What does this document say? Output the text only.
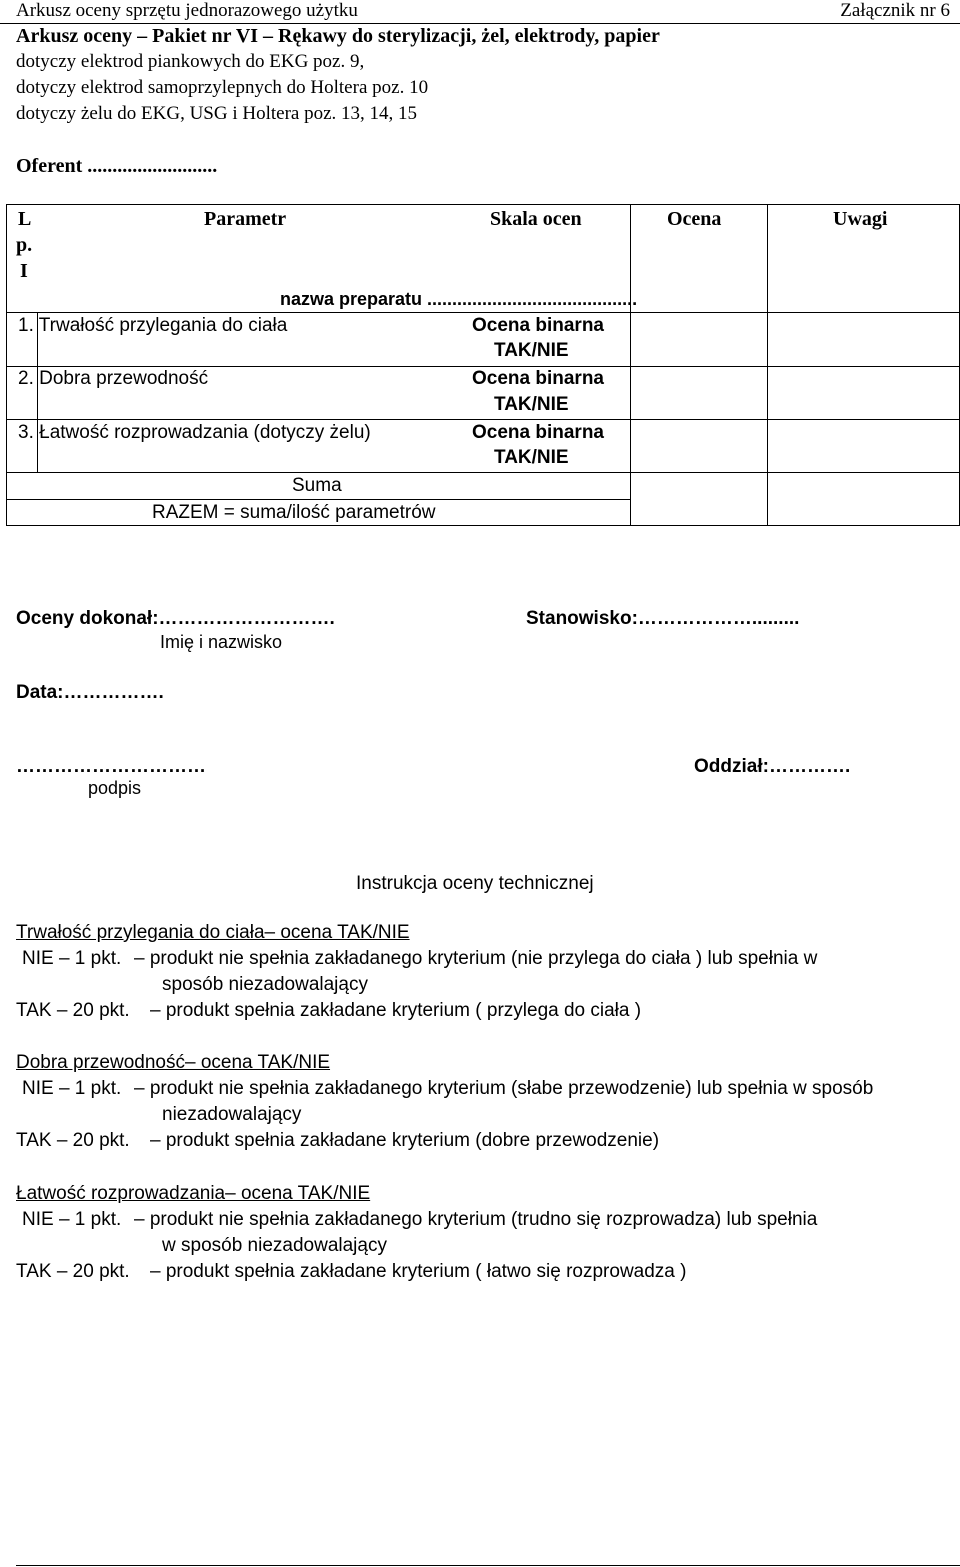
Arkusz oceny sprzętu jednorazowego użytku	Załącznik nr 6
Arkusz oceny – Pakiet nr VI – Rękawy do sterylizacji, żel, elektrody, papier
dotyczy elektrod piankowych do EKG poz. 9,
dotyczy elektrod samoprzylepnych do Holtera poz. 10
dotyczy żelu do EKG, USG i Holtera poz. 13, 14, 15
Oferent ..........................
L
p.
I
Parametr	Skala ocen	Ocena	Uwagi
nazwa preparatu ..........................................
1. Trwałość przylegania do ciała	Ocena binarna
TAK/NIE
2. Dobra przewodność	Ocena binarna
TAK/NIE
3. Łatwość rozprowadzania (dotyczy żelu)	Ocena binarna
TAK/NIE
Suma
RAZEM = suma/ilość parametrów
Oceny dokonał:……………………….
Imię i nazwisko
Stanowisko:……………….........
Data:…………….
…………………………
podpis
Oddział:………….
Instrukcja oceny technicznej
Trwałość przylegania do ciała– ocena TAK/NIE
NIE – 1 pkt. – produkt nie spełnia zakładanego kryterium (nie przylega do ciała ) lub spełnia w
sposób niezadowalający
TAK – 20 pkt. – produkt spełnia zakładane kryterium ( przylega do ciała )
Dobra przewodność– ocena TAK/NIE
NIE – 1 pkt. – produkt nie spełnia zakładanego kryterium (słabe przewodzenie) lub spełnia w sposób
niezadowalający
TAK – 20 pkt. – produkt spełnia zakładane kryterium (dobre przewodzenie)
Łatwość rozprowadzania– ocena TAK/NIE
NIE – 1 pkt. – produkt nie spełnia zakładanego kryterium (trudno się rozprowadza) lub spełnia
w sposób niezadowalający
TAK – 20 pkt. – produkt spełnia zakładane kryterium ( łatwo się rozprowadza )
